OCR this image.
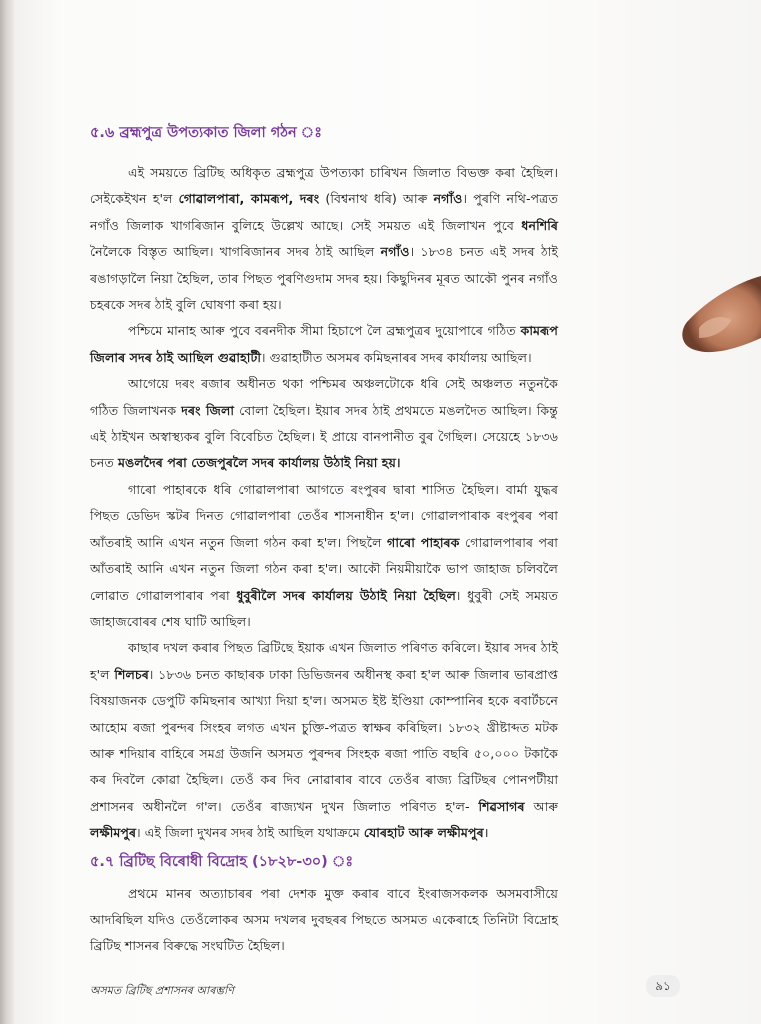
৫.৬ ব্ৰহ্মপুত্ৰ উপত্যকাত জিলা গঠন ঃ

এই সময়তে ব্ৰিটিছ অধিকৃত ব্ৰহ্মপুত্ৰ উপত্যকা চাৰিখন জিলাত বিভক্ত কৰা হৈছিল। সেইকেইখন হ'ল গোৱালপাৰা, কামৰূপ, দৰং (বিশ্বনাথ ধৰি) আৰু নগাঁও। পুৰণি নথি-পত্ৰত নগাঁও জিলাক খাগৰিজান বুলিহে উল্লেখ আছে। সেই সময়ত এই জিলাখন পুবে ধনশিৰি নৈলৈকে বিস্তৃত আছিল। খাগৰিজানৰ সদৰ ঠাই আছিল নগাঁও। ১৮৩৪ চনত এই সদৰ ঠাই ৰঙাগড়ালৈ নিয়া হৈছিল, তাৰ পিছত পুৰণিগুদাম সদৰ হয়। কিছুদিনৰ মূৰত আকৌ পুনৰ নগাঁও চহৰকে সদৰ ঠাই বুলি ঘোষণা কৰা হয়।

পশ্চিমে মানাহ আৰু পুবে বৰনদীক সীমা হিচাপে লৈ ব্ৰহ্মপুত্ৰৰ দুয়োপাৰে গঠিত কামৰূপ জিলাৰ সদৰ ঠাই আছিল গুৱাহাটী। গুৱাহাটীত অসমৰ কমিছনাৰৰ সদৰ কাৰ্যালয় আছিল।

আগেয়ে দৰং ৰজাৰ অধীনত থকা পশ্চিমৰ অঞ্চলটোকে ধৰি সেই অঞ্চলত নতুনকৈ গঠিত জিলাখনক দৰং জিলা বোলা হৈছিল। ইয়াৰ সদৰ ঠাই প্ৰথমতে মঙলদৈত আছিল। কিন্তু এই ঠাইখন অস্বাস্থ্যকৰ বুলি বিবেচিত হৈছিল। ই প্ৰায়ে বানপানীত বুৰ গৈছিল। সেয়েহে ১৮৩৬ চনত মঙলদৈৰ পৰা তেজপুৰলৈ সদৰ কাৰ্যালয় উঠাই নিয়া হয়।

গাৰো পাহাৰকে ধৰি গোৱালপাৰা আগতে ৰংপুৰৰ দ্বাৰা শাসিত হৈছিল। বাৰ্মা যুদ্ধৰ পিছত ডেভিদ স্কটৰ দিনত গোৱালপাৰা তেওঁৰ শাসনাধীন হ'ল। গোৱালপাৰাক ৰংপুৰৰ পৰা আঁতৰাই আনি এখন নতুন জিলা গঠন কৰা হ'ল। পিছলৈ গাৰো পাহাৰক গোৱালপাৰাৰ পৰা আঁতৰাই আনি এখন নতুন জিলা গঠন কৰা হ'ল। আকৌ নিয়মীয়াকৈ ভাপ জাহাজ চলিবলৈ লোৱাত গোৱালপাৰাৰ পৰা ধুবুৰীলৈ সদৰ কাৰ্যালয় উঠাই নিয়া হৈছিল। ধুবুৰী সেই সময়ত জাহাজবোৰৰ শেষ ঘাটি আছিল।

কাছাৰ দখল কৰাৰ পিছত ব্ৰিটিছে ইয়াক এখন জিলাত পৰিণত কৰিলে। ইয়াৰ সদৰ ঠাই হ'ল শিলচৰ। ১৮৩৬ চনত কাছাৰক ঢাকা ডিভিজনৰ অধীনস্থ কৰা হ'ল আৰু জিলাৰ ভাৰপ্ৰাপ্ত বিষয়াজনক ডেপুটি কমিছনাৰ আখ্যা দিয়া হ'ল। অসমত ইষ্ট ইণ্ডিয়া কোম্পানিৰ হকে ৰবাৰ্টচনে আহোম ৰজা পুৰন্দৰ সিংহৰ লগত এখন চুক্তি-পত্ৰত স্বাক্ষৰ কৰিছিল। ১৮৩২ খ্ৰীষ্টাব্দত মটক আৰু শদিয়াৰ বাহিৰে সমগ্ৰ উজনি অসমত পুৰন্দৰ সিংহক ৰজা পাতি বছৰি ৫০,০০০ টকাকৈ কৰ দিবলৈ কোৱা হৈছিল। তেওঁ কৰ দিব নোৱাৰাৰ বাবে তেওঁৰ ৰাজ্য ব্ৰিটিছৰ পোনপটীয়া প্ৰশাসনৰ অধীনলৈ গ'ল। তেওঁৰ ৰাজ্যখন দুখন জিলাত পৰিণত হ'ল- শিৱসাগৰ আৰু লক্ষীমপুৰ। এই জিলা দুখনৰ সদৰ ঠাই আছিল যথাক্ৰমে যোৰহাট আৰু লক্ষীমপুৰ।

৫.৭ ব্ৰিটিছ বিৰোধী বিদ্ৰোহ (১৮২৮-৩০) ঃ

প্ৰথমে মানৰ অত্যাচাৰৰ পৰা দেশক মুক্ত কৰাৰ বাবে ইংৰাজসকলক অসমবাসীয়ে আদৰিছিল যদিও তেওঁলোকৰ অসম দখলৰ দুবছৰৰ পিছতে অসমত একেৰাহে তিনিটা বিদ্ৰোহ ব্ৰিটিছ শাসনৰ বিৰুদ্ধে সংঘটিত হৈছিল।

অসমত ব্ৰিটিছ প্ৰশাসনৰ আৰম্ভণি	৯১
